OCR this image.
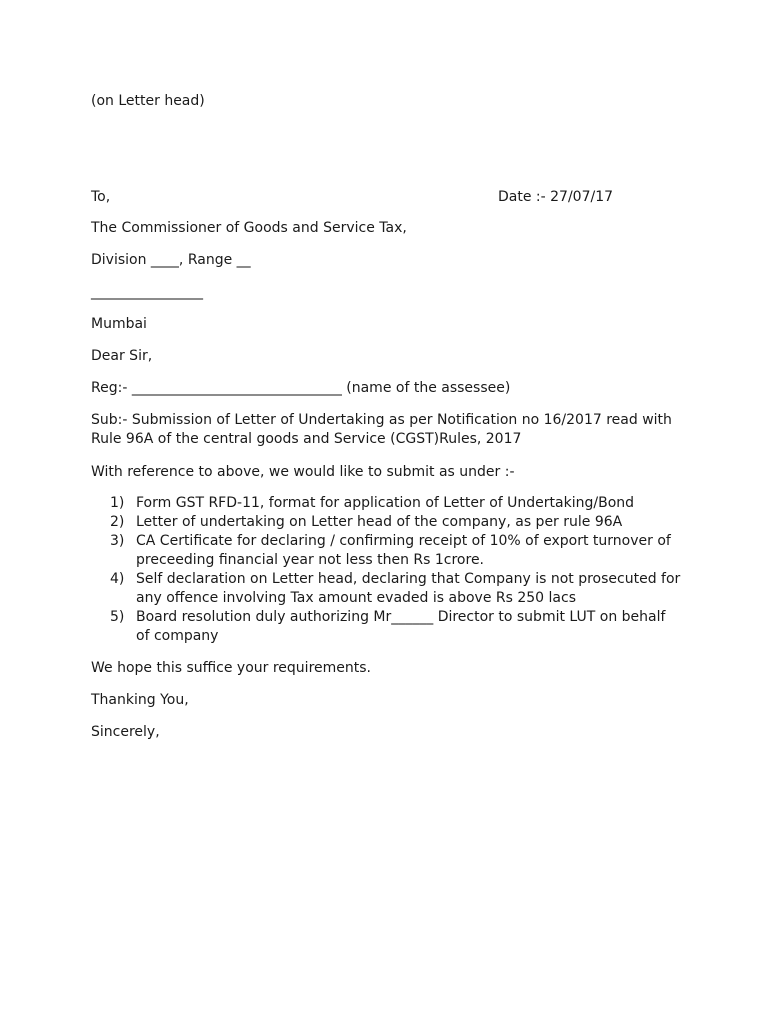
(on Letter head)
To,	Date :- 27/07/17
The Commissioner of Goods and Service Tax,
Division ____, Range __
________________
Mumbai
Dear Sir,
Reg:- ______________________________ (name of the assessee)
Sub:- Submission of Letter of Undertaking as per Notification no 16/2017 read with
Rule 96A of the central goods and Service (CGST)Rules, 2017
With reference to above, we would like to submit as under :-
1) Form GST RFD-11, format for application of Letter of Undertaking/Bond
2) Letter of undertaking on Letter head of the company, as per rule 96A
3) CA Certificate for declaring / confirming receipt of 10% of export turnover of
preceeding financial year not less then Rs 1crore.
4) Self declaration on Letter head, declaring that Company is not prosecuted for
any offence involving Tax amount evaded is above Rs 250 lacs
5) Board resolution duly authorizing Mr______ Director to submit LUT on behalf
of company
We hope this suffice your requirements.
Thanking You,
Sincerely,
